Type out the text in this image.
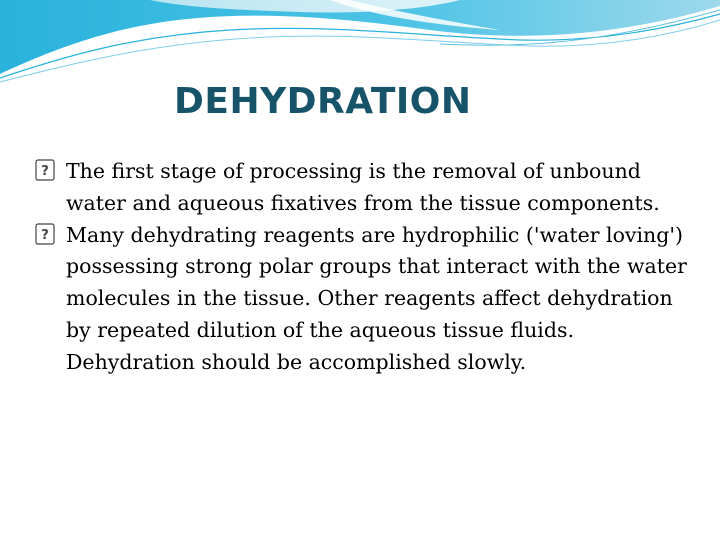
DEHYDRATION
? The first stage of processing is the removal of unbound water and aqueous fixatives from the tissue components.
? Many dehydrating reagents are hydrophilic ('water loving') possessing strong polar groups that interact with the water molecules in the tissue. Other reagents affect dehydration by repeated dilution of the aqueous tissue fluids. Dehydration should be accomplished slowly.
